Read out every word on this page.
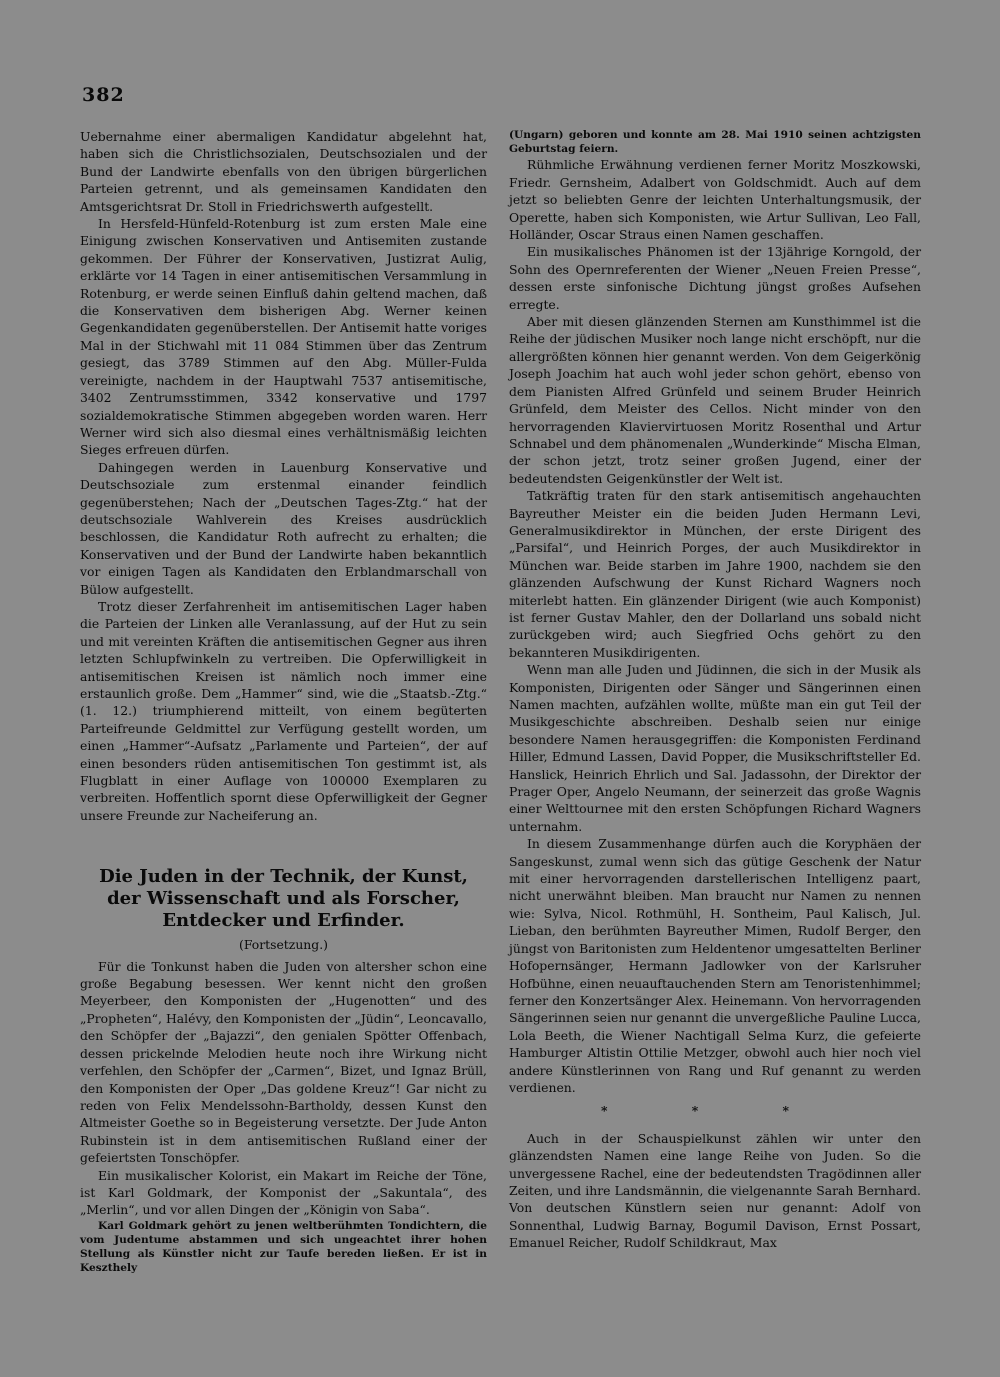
382

Uebernahme einer abermaligen Kandidatur abgelehnt hat, haben sich die Christlichsozialen, Deutschsozialen und der Bund der Landwirte ebenfalls von den übrigen bürgerlichen Parteien getrennt, und als gemeinsamen Kandidaten den Amtsgerichtsrat Dr. Stoll in Friedrichswerth aufgestellt.

In Hersfeld-Hünfeld-Rotenburg ist zum ersten Male eine Einigung zwischen Konservativen und Antisemiten zustande gekommen. Der Führer der Konservativen, Justizrat Aulig, erklärte vor 14 Tagen in einer antisemitischen Versammlung in Rotenburg, er werde seinen Einfluß dahin geltend machen, daß die Konservativen dem bisherigen Abg. Werner keinen Gegenkandidaten gegenüberstellen. Der Antisemit hatte voriges Mal in der Stichwahl mit 11 084 Stimmen über das Zentrum gesiegt, das 3789 Stimmen auf den Abg. Müller-Fulda vereinigte, nachdem in der Hauptwahl 7537 antisemitische, 3402 Zentrumsstimmen, 3342 konservative und 1797 sozialdemokratische Stimmen abgegeben worden waren. Herr Werner wird sich also diesmal eines verhältnismäßig leichten Sieges erfreuen dürfen.

Dahingegen werden in Lauenburg Konservative und Deutschsoziale zum erstenmal einander feindlich gegenüberstehen; Nach der „Deutschen Tages-Ztg.“ hat der deutschsoziale Wahlverein des Kreises ausdrücklich beschlossen, die Kandidatur Roth aufrecht zu erhalten; die Konservativen und der Bund der Landwirte haben bekanntlich vor einigen Tagen als Kandidaten den Erblandmarschall von Bülow aufgestellt.

Trotz dieser Zerfahrenheit im antisemitischen Lager haben die Parteien der Linken alle Veranlassung, auf der Hut zu sein und mit vereinten Kräften die antisemitischen Gegner aus ihren letzten Schlupfwinkeln zu vertreiben. Die Opferwilligkeit in antisemitischen Kreisen ist nämlich noch immer eine erstaunlich große. Dem „Hammer“ sind, wie die „Staatsb.-Ztg.“ (1. 12.) triumphierend mitteilt, von einem begüterten Parteifreunde Geldmittel zur Verfügung gestellt worden, um einen „Hammer“-Aufsatz „Parlamente und Parteien“, der auf einen besonders rüden antisemitischen Ton gestimmt ist, als Flugblatt in einer Auflage von 100000 Exemplaren zu verbreiten. Hoffentlich spornt diese Opferwilligkeit der Gegner unsere Freunde zur Nacheiferung an.

Die Juden in der Technik, der Kunst, der Wissenschaft und als Forscher, Entdecker und Erfinder.
(Fortsetzung.)

Für die Tonkunst haben die Juden von altersher schon eine große Begabung besessen. Wer kennt nicht den großen Meyerbeer, den Komponisten der „Hugenotten“ und des „Propheten“, Halévy, den Komponisten der „Jüdin“, Leoncavallo, den Schöpfer der „Bajazzi“, den genialen Spötter Offenbach, dessen prickelnde Melodien heute noch ihre Wirkung nicht verfehlen, den Schöpfer der „Carmen“, Bizet, und Ignaz Brüll, den Komponisten der Oper „Das goldene Kreuz“! Gar nicht zu reden von Felix Mendelssohn-Bartholdy, dessen Kunst den Altmeister Goethe so in Begeisterung versetzte. Der Jude Anton Rubinstein ist in dem antisemitischen Rußland einer der gefeiertsten Tonschöpfer.

Ein musikalischer Kolorist, ein Makart im Reiche der Töne, ist Karl Goldmark, der Komponist der „Sakuntala“, des „Merlin“, und vor allen Dingen der „Königin von Saba“.

Karl Goldmark gehört zu jenen weltberühmten Tondichtern, die vom Judentume abstammen und sich ungeachtet ihrer hohen Stellung als Künstler nicht zur Taufe bereden ließen. Er ist in Keszthely

(Ungarn) geboren und konnte am 28. Mai 1910 seinen achtzigsten Geburtstag feiern.

Rühmliche Erwähnung verdienen ferner Moritz Moszkowski, Friedr. Gernsheim, Adalbert von Goldschmidt. Auch auf dem jetzt so beliebten Genre der leichten Unterhaltungsmusik, der Operette, haben sich Komponisten, wie Artur Sullivan, Leo Fall, Holländer, Oscar Straus einen Namen geschaffen.

Ein musikalisches Phänomen ist der 13jährige Korngold, der Sohn des Opernreferenten der Wiener „Neuen Freien Presse“, dessen erste sinfonische Dichtung jüngst großes Aufsehen erregte.

Aber mit diesen glänzenden Sternen am Kunsthimmel ist die Reihe der jüdischen Musiker noch lange nicht erschöpft, nur die allergrößten können hier genannt werden. Von dem Geigerkönig Joseph Joachim hat auch wohl jeder schon gehört, ebenso von dem Pianisten Alfred Grünfeld und seinem Bruder Heinrich Grünfeld, dem Meister des Cellos. Nicht minder von den hervorragenden Klaviervirtuosen Moritz Rosenthal und Artur Schnabel und dem phänomenalen „Wunderkinde“ Mischa Elman, der schon jetzt, trotz seiner großen Jugend, einer der bedeutendsten Geigenkünstler der Welt ist.

Tatkräftig traten für den stark antisemitisch angehauchten Bayreuther Meister ein die beiden Juden Hermann Levi, Generalmusikdirektor in München, der erste Dirigent des „Parsifal“, und Heinrich Porges, der auch Musikdirektor in München war. Beide starben im Jahre 1900, nachdem sie den glänzenden Aufschwung der Kunst Richard Wagners noch miterlebt hatten. Ein glänzender Dirigent (wie auch Komponist) ist ferner Gustav Mahler, den der Dollarland uns sobald nicht zurückgeben wird; auch Siegfried Ochs gehört zu den bekannteren Musikdirigenten.

Wenn man alle Juden und Jüdinnen, die sich in der Musik als Komponisten, Dirigenten oder Sänger und Sängerinnen einen Namen machten, aufzählen wollte, müßte man ein gut Teil der Musikgeschichte abschreiben. Deshalb seien nur einige besondere Namen herausgegriffen: die Komponisten Ferdinand Hiller, Edmund Lassen, David Popper, die Musikschriftsteller Ed. Hanslick, Heinrich Ehrlich und Sal. Jadassohn, der Direktor der Prager Oper, Angelo Neumann, der seinerzeit das große Wagnis einer Welttournee mit den ersten Schöpfungen Richard Wagners unternahm.

In diesem Zusammenhange dürfen auch die Koryphäen der Sangeskunst, zumal wenn sich das gütige Geschenk der Natur mit einer hervorragenden darstellerischen Intelligenz paart, nicht unerwähnt bleiben. Man braucht nur Namen zu nennen wie: Sylva, Nicol. Rothmühl, H. Sontheim, Paul Kalisch, Jul. Lieban, den berühmten Bayreuther Mimen, Rudolf Berger, den jüngst von Baritonisten zum Heldentenor umgesattelten Berliner Hofopernsänger, Hermann Jadlowker von der Karlsruher Hofbühne, einen neuauftauchenden Stern am Tenoristenhimmel; ferner den Konzertsänger Alex. Heinemann. Von hervorragenden Sängerinnen seien nur genannt die unvergeßliche Pauline Lucca, Lola Beeth, die Wiener Nachtigall Selma Kurz, die gefeierte Hamburger Altistin Ottilie Metzger, obwohl auch hier noch viel andere Künstlerinnen von Rang und Ruf genannt zu werden verdienen.

* * *

Auch in der Schauspielkunst zählen wir unter den glänzendsten Namen eine lange Reihe von Juden. So die unvergessene Rachel, eine der bedeutendsten Tragödinnen aller Zeiten, und ihre Landsmännin, die vielgenannte Sarah Bernhard. Von deutschen Künstlern seien nur genannt: Adolf von Sonnenthal, Ludwig Barnay, Bogumil Davison, Ernst Possart, Emanuel Reicher, Rudolf Schildkraut, Max
